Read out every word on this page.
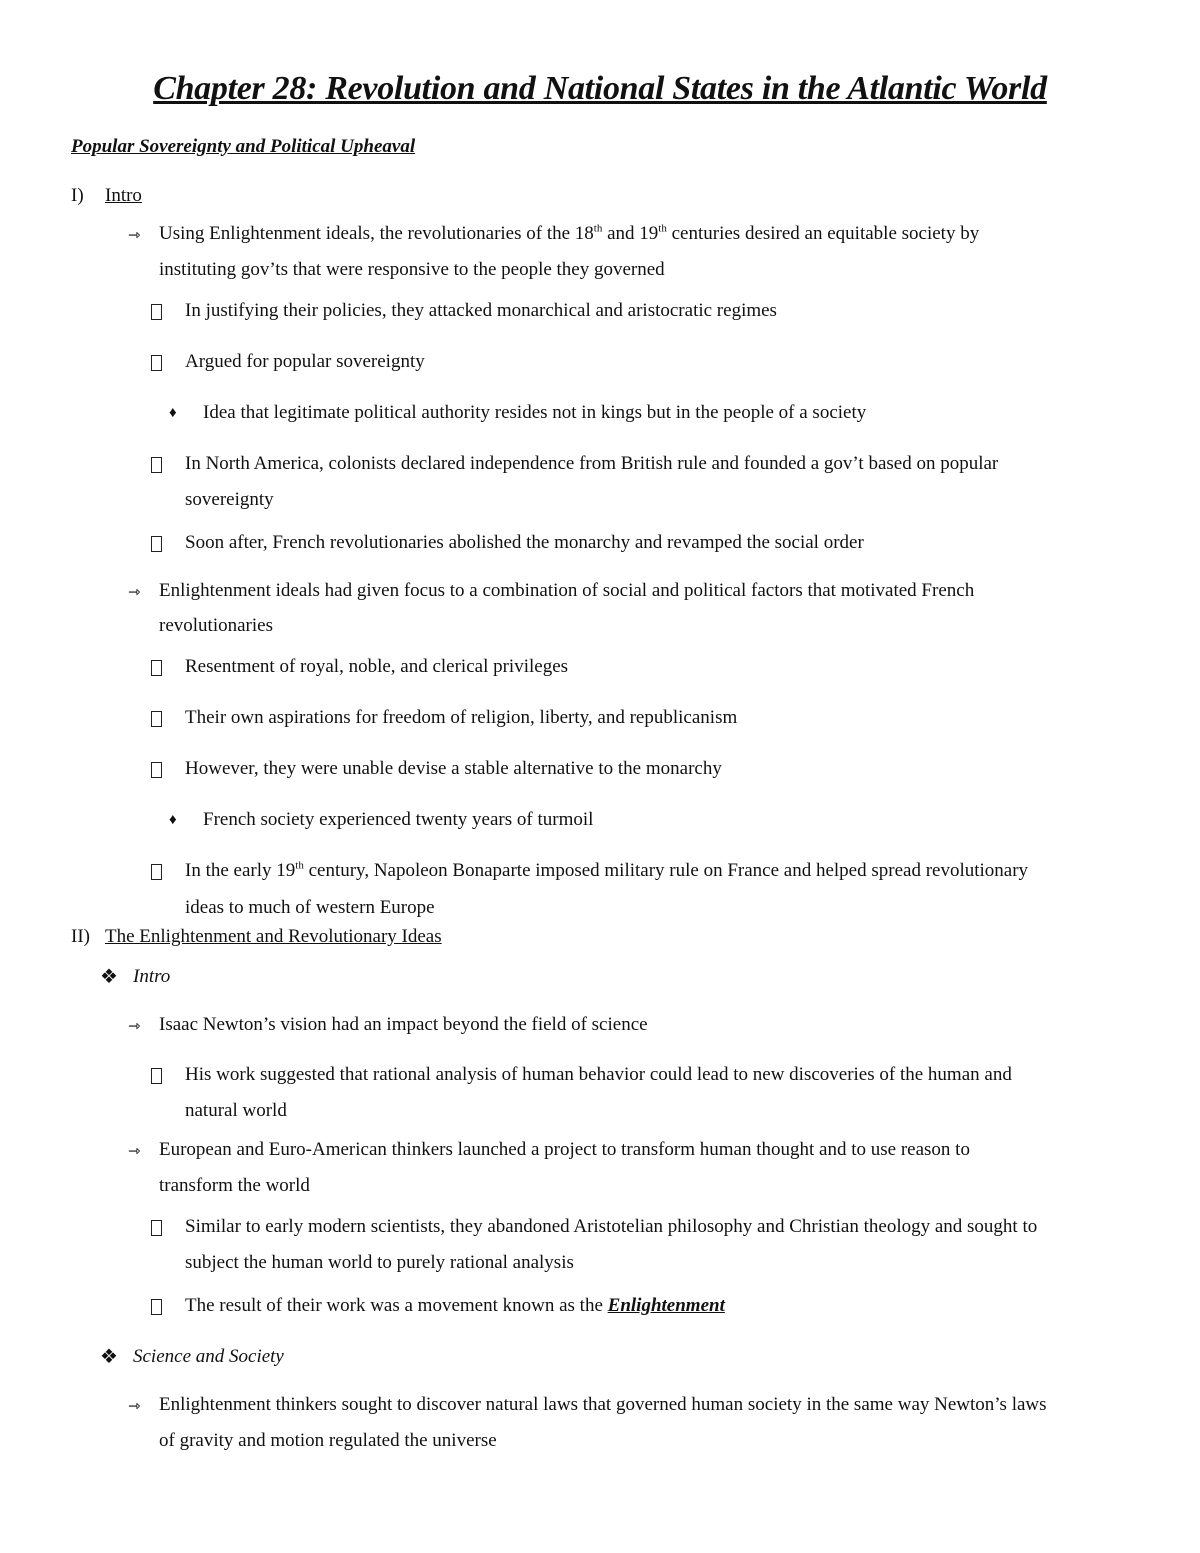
Chapter 28: Revolution and National States in the Atlantic World
Popular Sovereignty and Political Upheaval
I) Intro
⇾ Using Enlightenment ideals, the revolutionaries of the 18th and 19th centuries desired an equitable society by
instituting gov’ts that were responsive to the people they governed
In justifying their policies, they attacked monarchical and aristocratic regimes
Argued for popular sovereignty
♦ Idea that legitimate political authority resides not in kings but in the people of a society
In North America, colonists declared independence from British rule and founded a gov’t based on popular
sovereignty
Soon after, French revolutionaries abolished the monarchy and revamped the social order
⇾ Enlightenment ideals had given focus to a combination of social and political factors that motivated French
revolutionaries
Resentment of royal, noble, and clerical privileges
Their own aspirations for freedom of religion, liberty, and republicanism
However, they were unable devise a stable alternative to the monarchy
♦ French society experienced twenty years of turmoil
In the early 19th century, Napoleon Bonaparte imposed military rule on France and helped spread revolutionary
ideas to much of western Europe
II) The Enlightenment and Revolutionary Ideas
❖ Intro
⇾ Isaac Newton’s vision had an impact beyond the field of science
His work suggested that rational analysis of human behavior could lead to new discoveries of the human and
natural world
⇾ European and Euro-American thinkers launched a project to transform human thought and to use reason to
transform the world
Similar to early modern scientists, they abandoned Aristotelian philosophy and Christian theology and sought to
subject the human world to purely rational analysis
The result of their work was a movement known as the Enlightenment
❖ Science and Society
⇾ Enlightenment thinkers sought to discover natural laws that governed human society in the same way Newton’s laws
of gravity and motion regulated the universe
